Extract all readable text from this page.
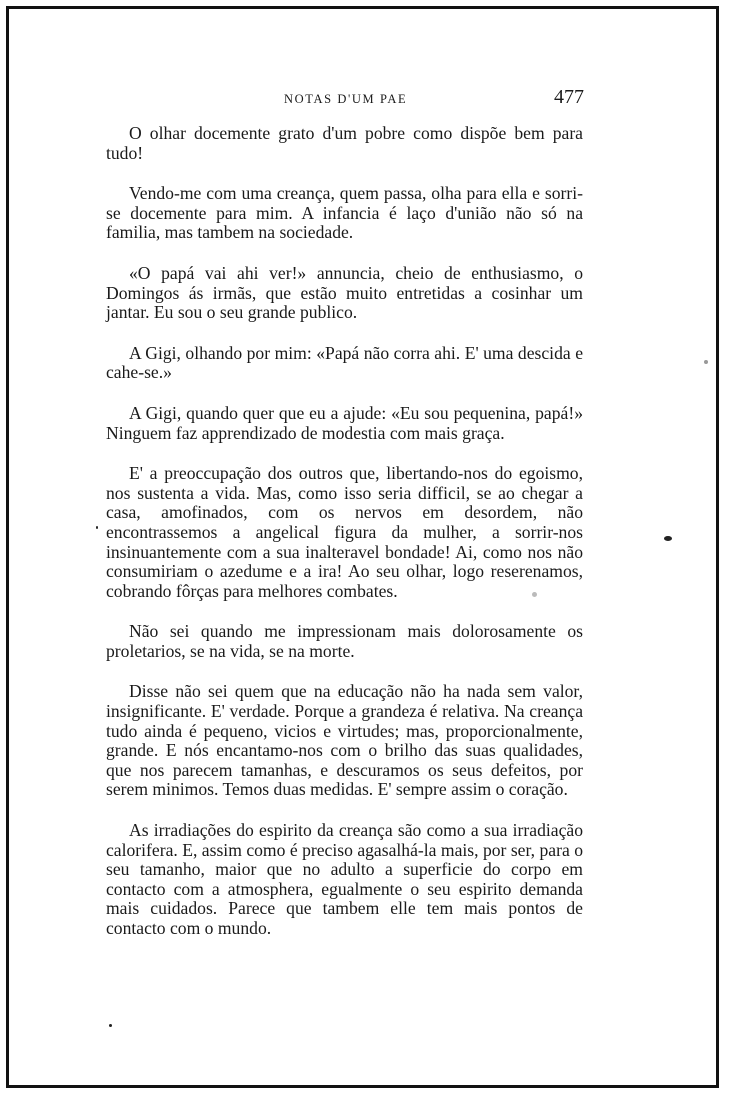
NOTAS D'UM PAE	477

O olhar docemente grato d'um pobre como dispõe bem para tudo!

Vendo-me com uma creança, quem passa, olha para ella e sorri-se docemente para mim. A infancia é laço d'união não só na familia, mas tambem na sociedade.

«O papá vai ahi ver!» annuncia, cheio de enthusiasmo, o Domingos ás irmãs, que estão muito entretidas a cosinhar um jantar. Eu sou o seu grande publico.

A Gigi, olhando por mim: «Papá não corra ahi. E' uma descida e cahe-se.»

A Gigi, quando quer que eu a ajude: «Eu sou pequenina, papá!» Ninguem faz apprendizado de modestia com mais graça.

E' a preoccupação dos outros que, libertando-nos do egoismo, nos sustenta a vida. Mas, como isso seria difficil, se ao chegar a casa, amofinados, com os nervos em desordem, não encontrassemos a angelical figura da mulher, a sorrir-nos insinuantemente com a sua inalteravel bondade! Ai, como nos não consumiriam o azedume e a ira! Ao seu olhar, logo reserenamos, cobrando fôrças para melhores combates.

Não sei quando me impressionam mais dolorosamente os proletarios, se na vida, se na morte.

Disse não sei quem que na educação não ha nada sem valor, insignificante. E' verdade. Porque a grandeza é relativa. Na creança tudo ainda é pequeno, vicios e virtudes; mas, proporcionalmente, grande. E nós encantamo-nos com o brilho das suas qualidades, que nos parecem tamanhas, e descuramos os seus defeitos, por serem minimos. Temos duas medidas. E' sempre assim o coração.

As irradiações do espirito da creança são como a sua irradiação calorifera. E, assim como é preciso agasalhá-la mais, por ser, para o seu tamanho, maior que no adulto a superficie do corpo em contacto com a atmosphera, egualmente o seu espirito demanda mais cuidados. Parece que tambem elle tem mais pontos de contacto com o mundo.
